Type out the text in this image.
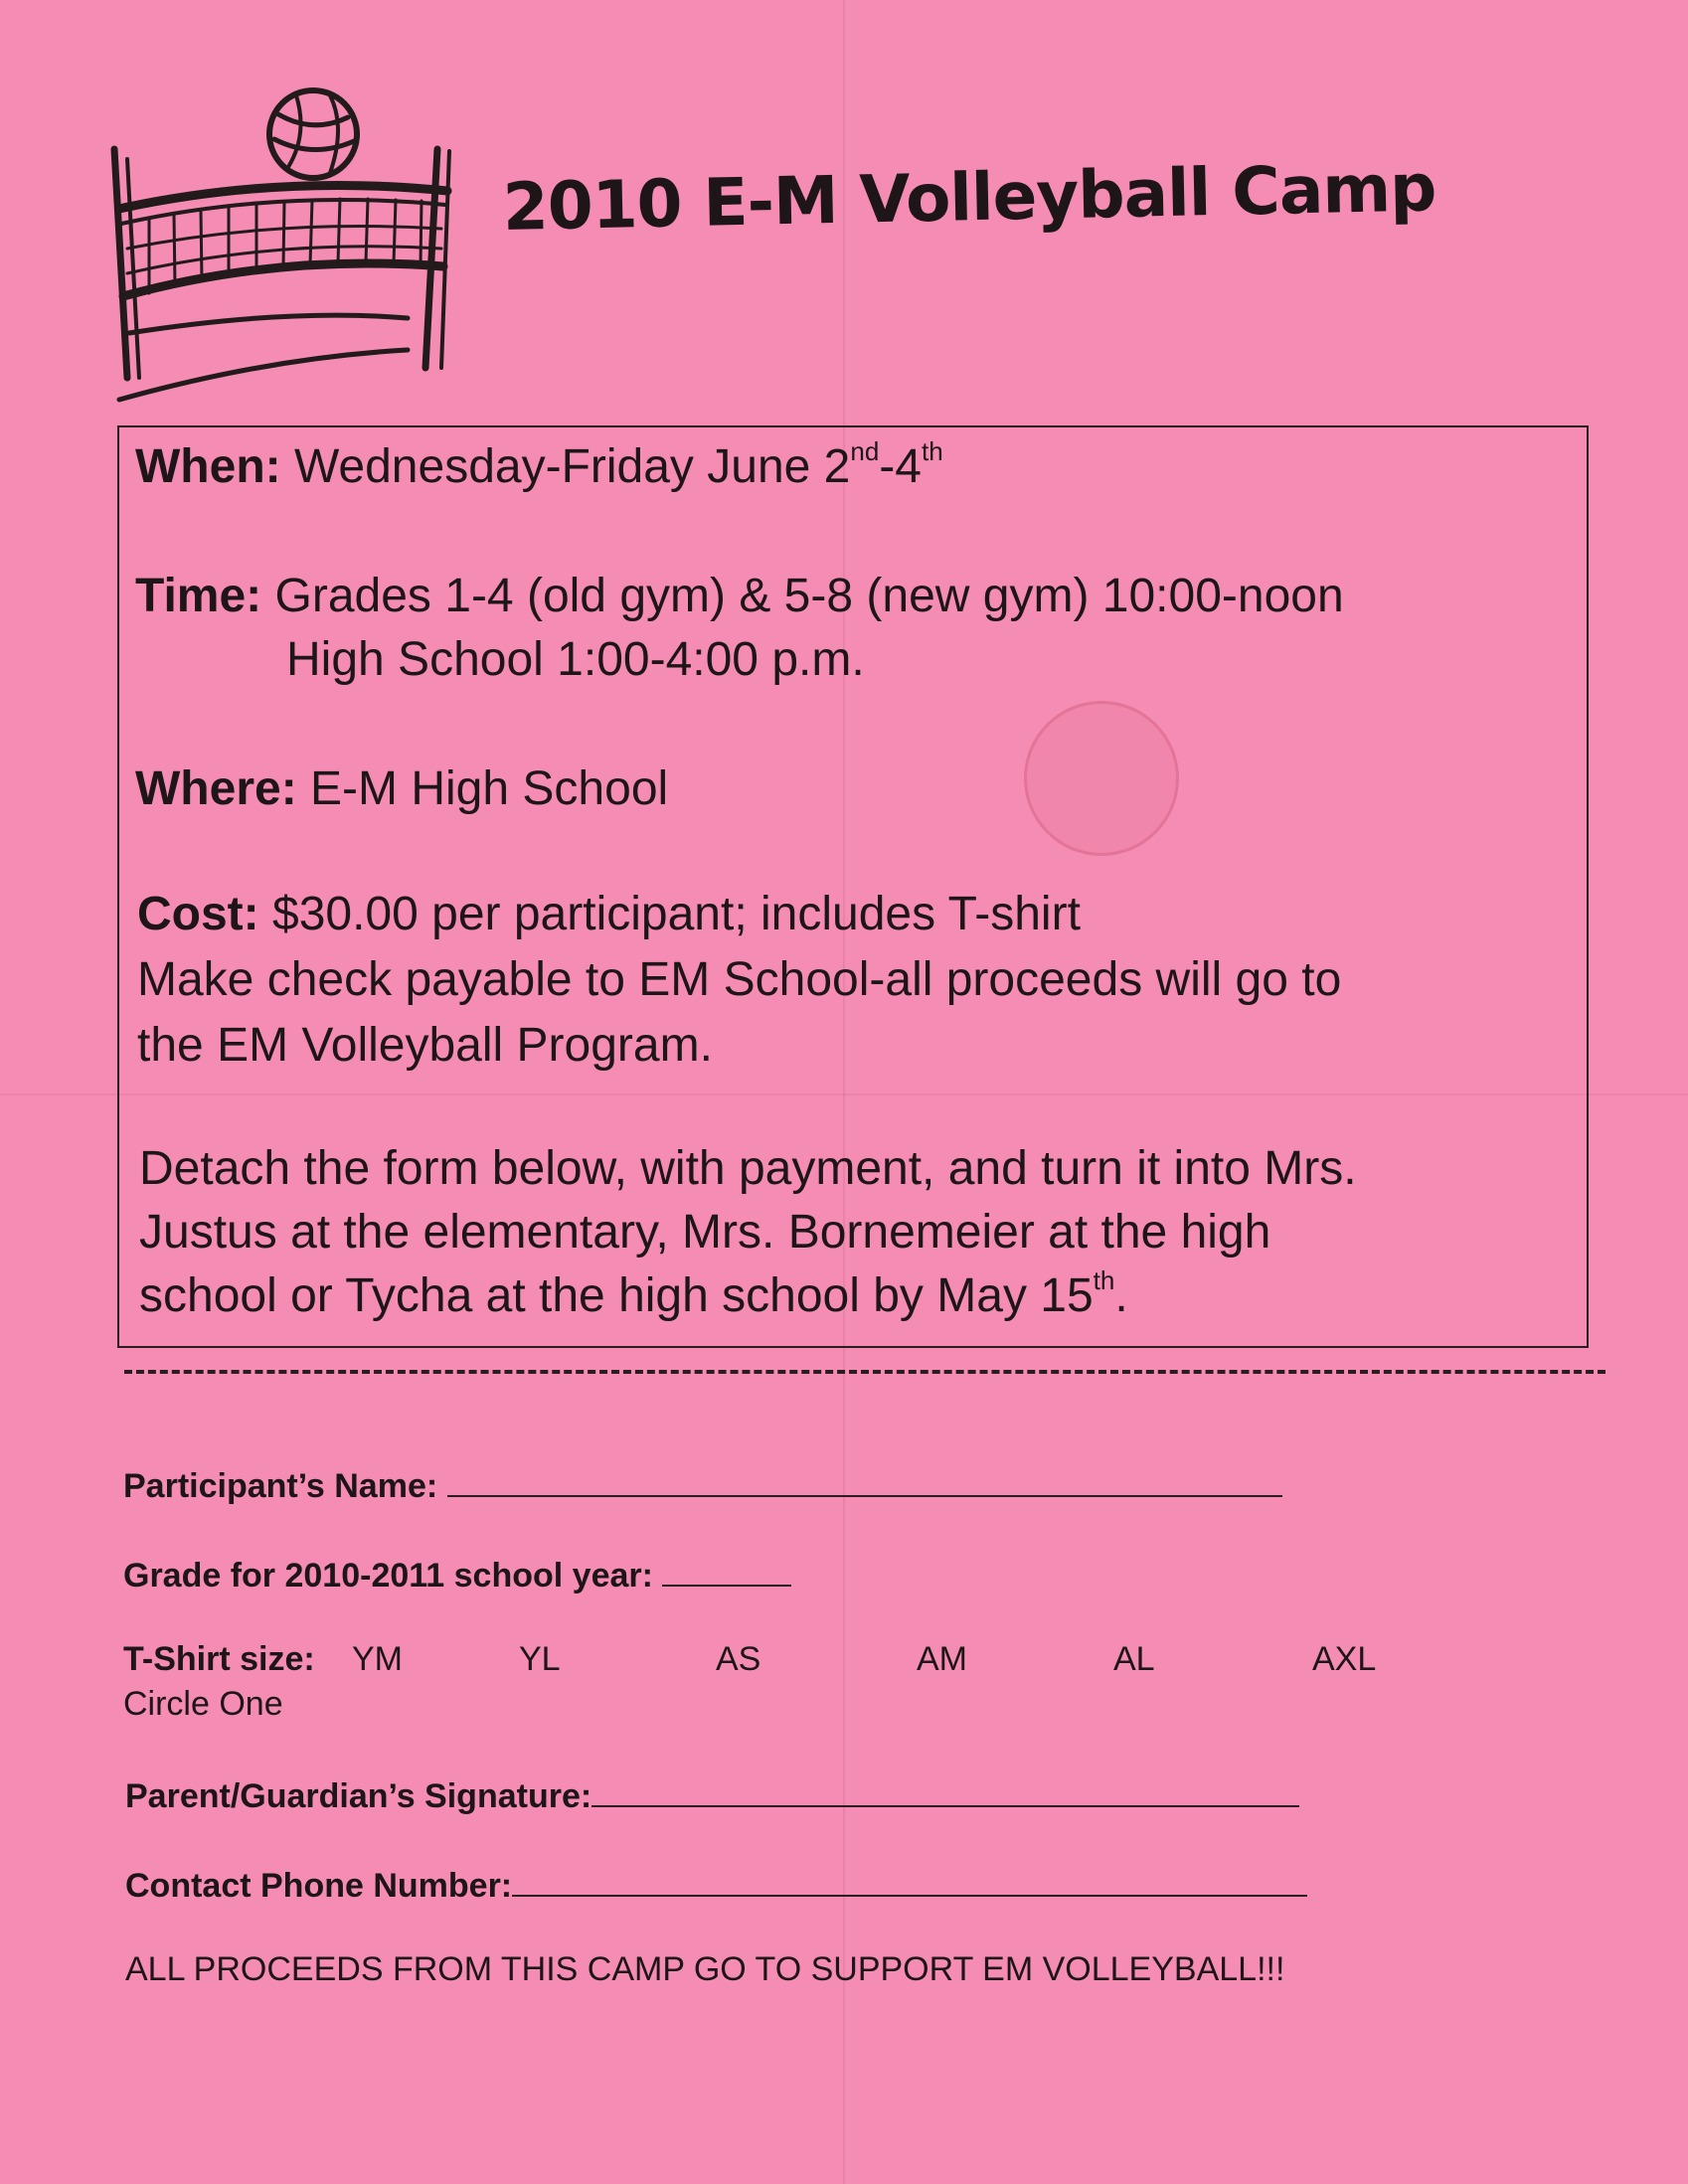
2010 E-M Volleyball Camp
When: Wednesday-Friday June 2nd-4th
Time: Grades 1-4 (old gym) & 5-8 (new gym) 10:00-noon
High School 1:00-4:00 p.m.
Where: E-M High School
Cost: $30.00 per participant; includes T-shirt
Make check payable to EM School-all proceeds will go to
the EM Volleyball Program.
Detach the form below, with payment, and turn it into Mrs.
Justus at the elementary, Mrs. Bornemeier at the high
school or Tycha at the high school by May 15th.
Participant’s Name:
Grade for 2010-2011 school year:
T-Shirt size: YM	YL	AS	AM	AL	AXL
Circle One
Parent/Guardian’s Signature:
Contact Phone Number:
ALL PROCEEDS FROM THIS CAMP GO TO SUPPORT EM VOLLEYBALL!!!
